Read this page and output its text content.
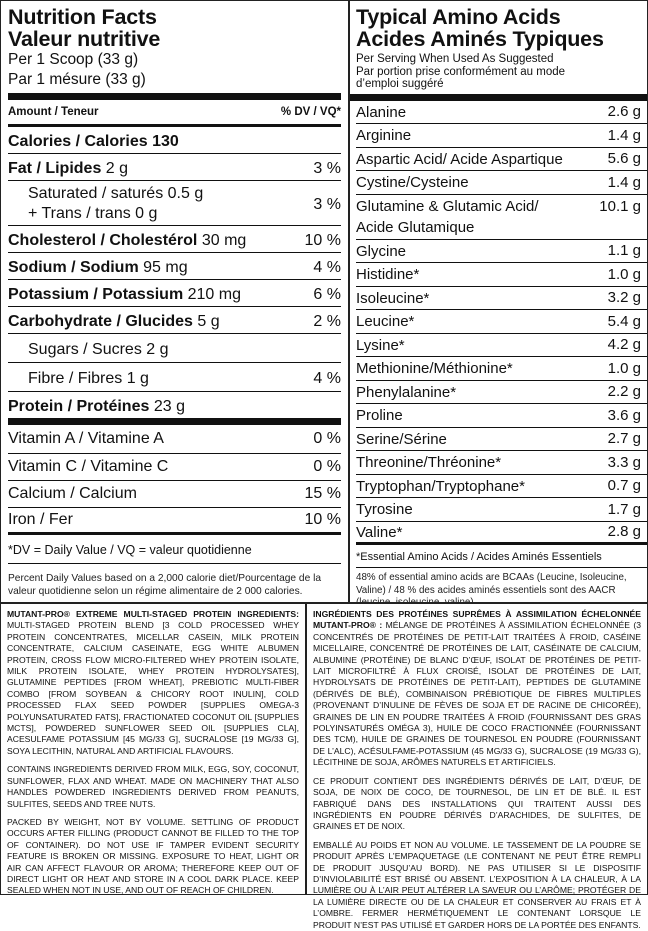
Nutrition Facts
Valeur nutritive
Per 1 Scoop (33 g)
Par 1 mésure (33 g)
Amount / Teneur	% DV / VQ*
Calories / Calories 130
Fat / Lipides 2 g	3 %
Saturated / saturés 0.5 g
+ Trans / trans 0 g
3 %
Cholesterol / Cholestérol 30 mg	10 %
Sodium / Sodium 95 mg	4 %
Potassium / Potassium 210 mg	6 %
Carbohydrate / Glucides 5 g	2 %
Sugars / Sucres 2 g
Fibre / Fibres 1 g	4 %
Protein / Protéines 23 g
Vitamin A / Vitamine A	0 %
Vitamin C / Vitamine C	0 %
Calcium / Calcium	15 %
Iron / Fer	10 %
*DV = Daily Value / VQ = valeur quotidienne
Percent Daily Values based on a 2,000 calorie diet/Pourcentage de la valeur quotidienne selon un régime alimentaire de 2 000 calories.
Typical Amino Acids
Acides Aminés Typiques
Per Serving When Used As Suggested
Par portion prise conformément au mode d’emploi suggéré
Alanine	2.6 g
Arginine	1.4 g
Aspartic Acid/ Acide Aspartique	5.6 g
Cystine/Cysteine	1.4 g
Glutamine & Glutamic Acid/
Acide Glutamique
10.1 g
Glycine	1.1 g
Histidine*	1.0 g
Isoleucine*	3.2 g
Leucine*	5.4 g
Lysine*	4.2 g
Methionine/Méthionine*	1.0 g
Phenylalanine*	2.2 g
Proline	3.6 g
Serine/Sérine	2.7 g
Threonine/Thréonine*	3.3 g
Tryptophan/Tryptophane*	0.7 g
Tyrosine	1.7 g
Valine*	2.8 g
*Essential Amino Acids / Acides Aminés Essentiels
48% of essential amino acids are BCAAs (Leucine, Isoleucine, Valine) / 48 % des acides aminés essentiels sont des AACR

MUTANT-PRO® EXTREME MULTI-STAGED PROTEIN INGREDIENTS: MULTI-STAGED PROTEIN BLEND [3 COLD PROCESSED WHEY PROTEIN CONCENTRATES, MICELLAR CASEIN, MILK PROTEIN CONCENTRATE, CALCIUM CASEINATE, EGG WHITE ALBUMEN PROTEIN, CROSS FLOW MICRO-FILTERED WHEY PROTEIN ISOLATE, MILK PROTEIN ISOLATE, WHEY PROTEIN HYDROLYSATES], GLUTAMINE PEPTIDES [FROM WHEAT], PREBIOTIC MULTI-FIBER COMBO [FROM SOYBEAN & CHICORY ROOT INULIN], COLD PROCESSED FLAX SEED POWDER [SUPPLIES OMEGA-3 POLYUNSATURATED FATS], FRACTIONATED COCONUT OIL [SUPPLIES MCTS], POWDERED SUNFLOWER SEED OIL [SUPPLIES CLA], ACESULFAME POTASSIUM [45 MG/33 G], SUCRALOSE [19 MG/33 G], SOYA LECITHIN, NATURAL AND ARTIFICIAL FLAVOURS.

CONTAINS INGREDIENTS DERIVED FROM MILK, EGG, SOY, COCONUT, SUNFLOWER, FLAX AND WHEAT. MADE ON MACHINERY THAT ALSO HANDLES POWDERED INGREDIENTS DERIVED FROM PEANUTS, SULFITES, SEEDS AND TREE NUTS.

PACKED BY WEIGHT, NOT BY VOLUME. SETTLING OF PRODUCT OCCURS AFTER FILLING (PRODUCT CANNOT BE FILLED TO THE TOP OF CONTAINER). DO NOT USE IF TAMPER EVIDENT SECURITY FEATURE IS BROKEN OR MISSING. EXPOSURE TO HEAT, LIGHT OR AIR CAN AFFECT FLAVOUR OR AROMA; THEREFORE KEEP OUT OF DIRECT LIGHT OR HEAT AND STORE IN A COOL DARK PLACE. KEEP SEALED WHEN NOT IN USE, AND OUT OF REACH OF CHILDREN.

INGRÉDIENTS DES PROTÉINES SUPRÊMES À ASSIMILATION ÉCHELONNÉE MUTANT-PRO® : MÉLANGE DE PROTÉINES À ASSIMILATION ÉCHELONNÉE (3 CONCENTRÉS DE PROTÉINES DE PETIT-LAIT TRAITÉES À FROID, CASÉINE MICELLAIRE, CONCENTRÉ DE PROTÉINES DE LAIT, CASÉINATE DE CALCIUM, ALBUMINE (PROTÉINE) DE BLANC D’ŒUF, ISOLAT DE PROTÉINES DE PETIT-LAIT MICROFILTRÉ À FLUX CROISÉ, ISOLAT DE PROTÉINES DE LAIT, HYDROLYSATS DE PROTÉINES DE PETIT-LAIT), PEPTIDES DE GLUTAMINE (DÉRIVÉS DE BLÉ), COMBINAISON PRÉBIOTIQUE DE FIBRES MULTIPLES (PROVENANT D’INULINE DE FÈVES DE SOJA ET DE RACINE DE CHICORÉE), GRAINES DE LIN EN POUDRE TRAITÉES À FROID (FOURNISSANT DES GRAS POLYINSATURÉS OMÉGA 3), HUILE DE COCO FRACTIONNÉE (FOURNISSANT DES TCM), HUILE DE GRAINES DE TOURNESOL EN POUDRE (FOURNISSANT DE L’ALC), ACÉSULFAME-POTASSIUM (45 MG/33 G), SUCRALOSE (19 MG/33 G), LÉCITHINE DE SOJA, ARÔMES NATURELS ET ARTIFICIELS.

CE PRODUIT CONTIENT DES INGRÉDIENTS DÉRIVÉS DE LAIT, D’ŒUF, DE SOJA, DE NOIX DE COCO, DE TOURNESOL, DE LIN ET DE BLÉ. IL EST FABRIQUÉ DANS DES INSTALLATIONS QUI TRAITENT AUSSI DES INGRÉDIENTS EN POUDRE DÉRIVÉS D’ARACHIDES, DE SULFITES, DE GRAINES ET DE NOIX.

EMBALLÉ AU POIDS ET NON AU VOLUME. LE TASSEMENT DE LA POUDRE SE PRODUIT APRÈS L’EMPAQUETAGE (LE CONTENANT NE PEUT ÊTRE REMPLI DE PRODUIT JUSQU’AU BORD). NE PAS UTILISER SI LE DISPOSITIF D’INVIOLABILITÉ EST BRISÉ OU ABSENT. L’EXPOSITION À LA CHALEUR, À LA LUMIÈRE OU À L’AIR PEUT ALTÉRER LA SAVEUR OU L’ARÔME; PROTÉGER DE LA LUMIÈRE DIRECTE OU DE LA CHALEUR ET CONSERVER AU FRAIS ET À L’OMBRE. FERMER HERMÉTIQUEMENT LE CONTENANT LORSQUE LE PRODUIT N’EST PAS UTILISÉ ET GARDER HORS DE LA PORTÉE DES ENFANTS.
